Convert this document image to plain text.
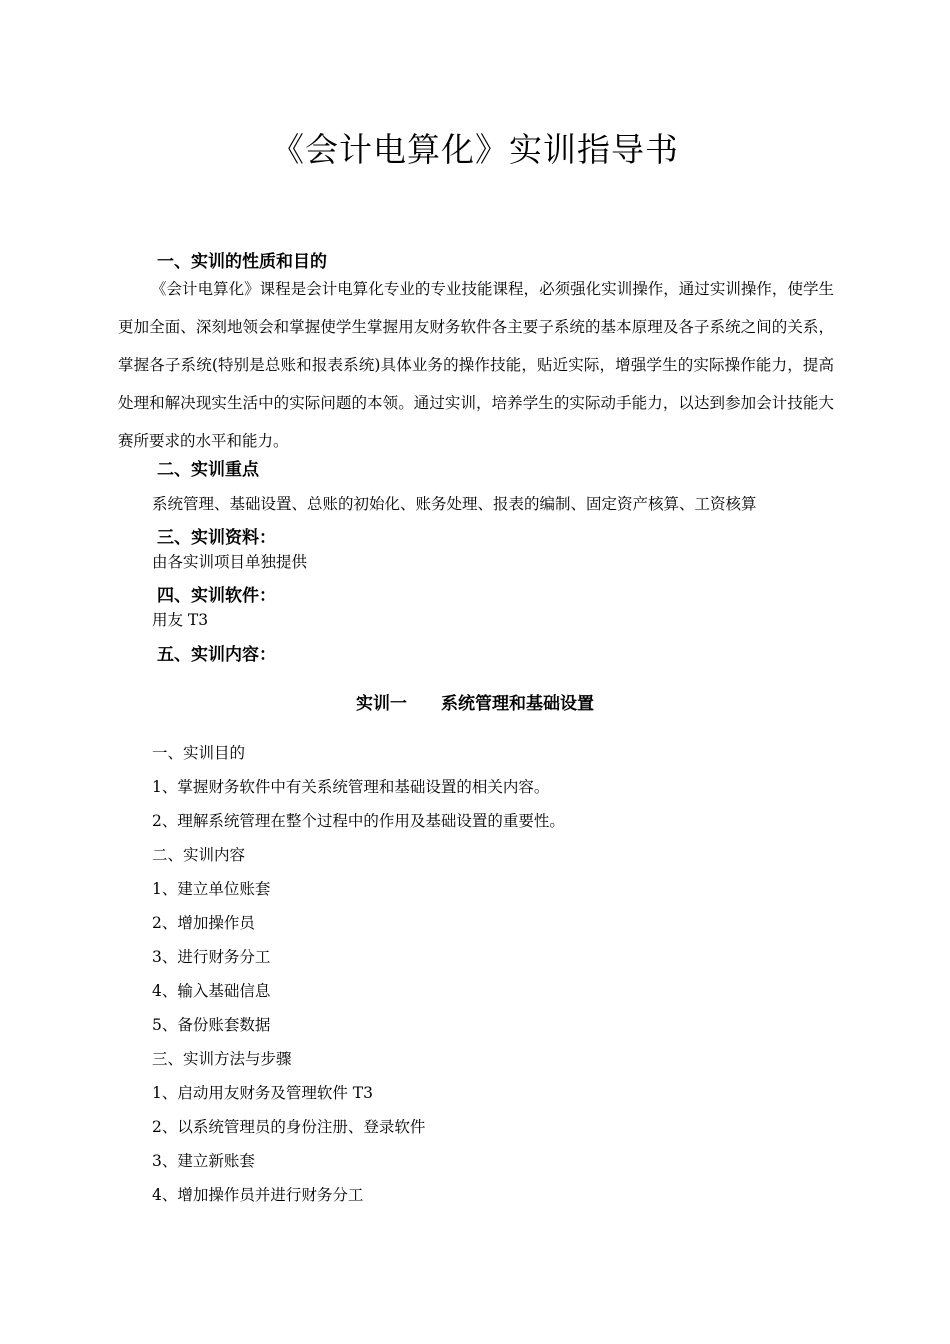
《会计电算化》实训指导书
一、实训的性质和目的
《会计电算化》课程是会计电算化专业的专业技能课程，必须强化实训操作，通过实训操作，使学生更加全面、深刻地领会和掌握使学生掌握用友财务软件各主要子系统的基本原理及各子系统之间的关系，掌握各子系统(特别是总账和报表系统)具体业务的操作技能，贴近实际，增强学生的实际操作能力，提高处理和解决现实生活中的实际问题的本领。通过实训，培养学生的实际动手能力，以达到参加会计技能大赛所要求的水平和能力。
二、实训重点
系统管理、基础设置、总账的初始化、账务处理、报表的编制、固定资产核算、工资核算
三、实训资料：
由各实训项目单独提供
四、实训软件：
用友 T3
五、实训内容：
实训一　　系统管理和基础设置
一、实训目的
1、掌握财务软件中有关系统管理和基础设置的相关内容。
2、理解系统管理在整个过程中的作用及基础设置的重要性。
二、实训内容
1、建立单位账套
2、增加操作员
3、进行财务分工
4、输入基础信息
5、备份账套数据
三、实训方法与步骤
1、启动用友财务及管理软件 T3
2、以系统管理员的身份注册、登录软件
3、建立新账套
4、增加操作员并进行财务分工
